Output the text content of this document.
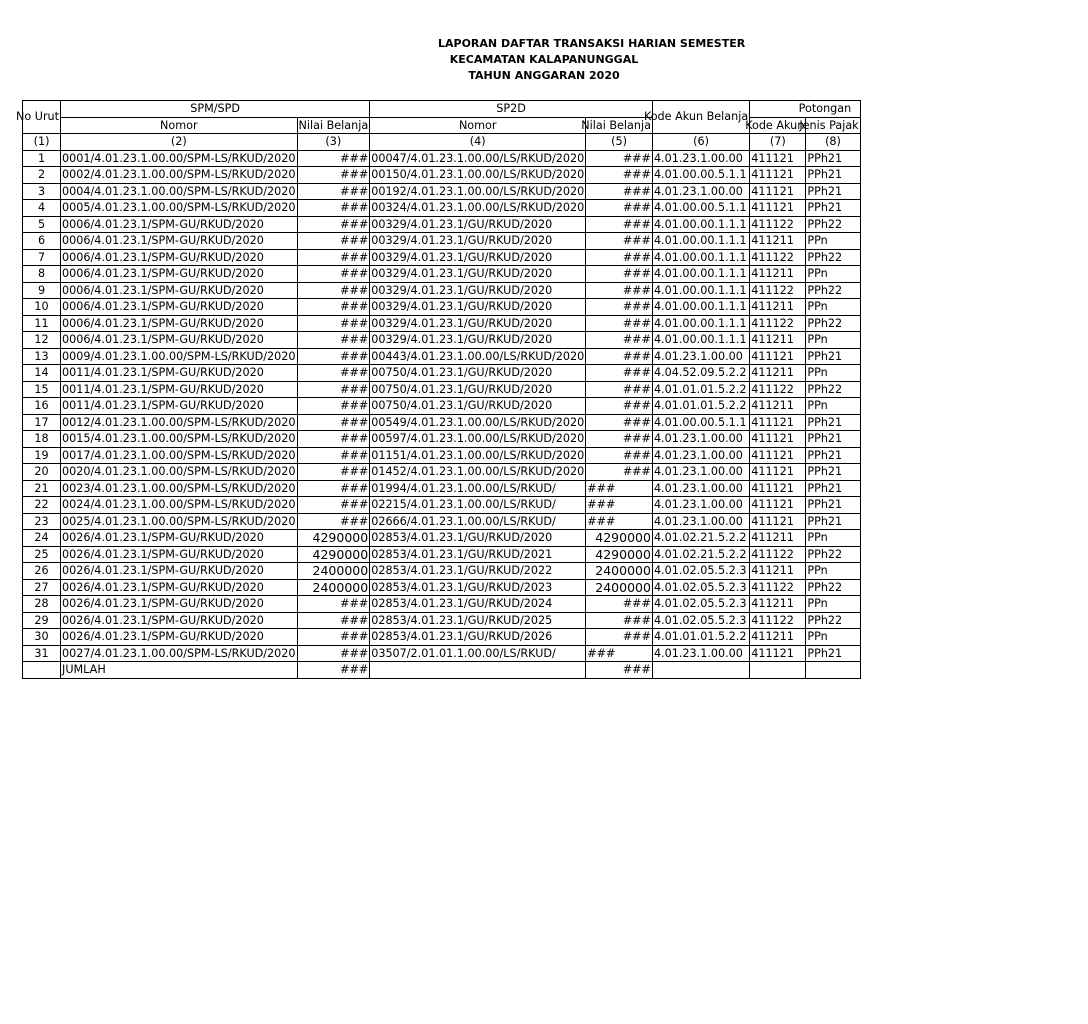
LAPORAN DAFTAR TRANSAKSI HARIAN SEMESTER
KECAMATAN KALAPANUNGGAL
TAHUN ANGGARAN 2020
No Urut	SPM/SPD		SP2D		Kode Akun Belanja	Potongan	
	Nomor	Nilai Belanja	Nomor	Nilai Belanja		Kode Akun	Jenis Pajak
(1)	(2)	(3)	(4)	(5)	(6)	(7)	(8)
1	0001/4.01.23.1.00.00/SPM-LS/RKUD/2020	###	00047/4.01.23.1.00.00/LS/RKUD/2020	###	4.01.23.1.00.00	411121	PPh21
2	0002/4.01.23.1.00.00/SPM-LS/RKUD/2020	###	00150/4.01.23.1.00.00/LS/RKUD/2020	###	4.01.00.00.5.1.1	411121	PPh21
3	0004/4.01.23.1.00.00/SPM-LS/RKUD/2020	###	00192/4.01.23.1.00.00/LS/RKUD/2020	###	4.01.23.1.00.00	411121	PPh21
4	0005/4.01.23.1.00.00/SPM-LS/RKUD/2020	###	00324/4.01.23.1.00.00/LS/RKUD/2020	###	4.01.00.00.5.1.1	411121	PPh21
5	0006/4.01.23.1/SPM-GU/RKUD/2020	###	00329/4.01.23.1/GU/RKUD/2020	###	4.01.00.00.1.1.1	411122	PPh22
6	0006/4.01.23.1/SPM-GU/RKUD/2020	###	00329/4.01.23.1/GU/RKUD/2020	###	4.01.00.00.1.1.1	411211	PPn
7	0006/4.01.23.1/SPM-GU/RKUD/2020	###	00329/4.01.23.1/GU/RKUD/2020	###	4.01.00.00.1.1.1	411122	PPh22
8	0006/4.01.23.1/SPM-GU/RKUD/2020	###	00329/4.01.23.1/GU/RKUD/2020	###	4.01.00.00.1.1.1	411211	PPn
9	0006/4.01.23.1/SPM-GU/RKUD/2020	###	00329/4.01.23.1/GU/RKUD/2020	###	4.01.00.00.1.1.1	411122	PPh22
10	0006/4.01.23.1/SPM-GU/RKUD/2020	###	00329/4.01.23.1/GU/RKUD/2020	###	4.01.00.00.1.1.1	411211	PPn
11	0006/4.01.23.1/SPM-GU/RKUD/2020	###	00329/4.01.23.1/GU/RKUD/2020	###	4.01.00.00.1.1.1	411122	PPh22
12	0006/4.01.23.1/SPM-GU/RKUD/2020	###	00329/4.01.23.1/GU/RKUD/2020	###	4.01.00.00.1.1.1	411211	PPn
13	0009/4.01.23.1.00.00/SPM-LS/RKUD/2020	###	00443/4.01.23.1.00.00/LS/RKUD/2020	###	4.01.23.1.00.00	411121	PPh21
14	0011/4.01.23.1/SPM-GU/RKUD/2020	###	00750/4.01.23.1/GU/RKUD/2020	###	4.04.52.09.5.2.2	411211	PPn
15	0011/4.01.23.1/SPM-GU/RKUD/2020	###	00750/4.01.23.1/GU/RKUD/2020	###	4.01.01.01.5.2.2	411122	PPh22
16	0011/4.01.23.1/SPM-GU/RKUD/2020	###	00750/4.01.23.1/GU/RKUD/2020	###	4.01.01.01.5.2.2	411211	PPn
17	0012/4.01.23.1.00.00/SPM-LS/RKUD/2020	###	00549/4.01.23.1.00.00/LS/RKUD/2020	###	4.01.00.00.5.1.1	411121	PPh21
18	0015/4.01.23.1.00.00/SPM-LS/RKUD/2020	###	00597/4.01.23.1.00.00/LS/RKUD/2020	###	4.01.23.1.00.00	411121	PPh21
19	0017/4.01.23.1.00.00/SPM-LS/RKUD/2020	###	01151/4.01.23.1.00.00/LS/RKUD/2020	###	4.01.23.1.00.00	411121	PPh21
20	0020/4.01.23.1.00.00/SPM-LS/RKUD/2020	###	01452/4.01.23.1.00.00/LS/RKUD/2020	###	4.01.23.1.00.00	411121	PPh21
21	0023/4.01.23.1.00.00/SPM-LS/RKUD/2020	###	01994/4.01.23.1.00.00/LS/RKUD/	###	4.01.23.1.00.00	411121	PPh21
22	0024/4.01.23.1.00.00/SPM-LS/RKUD/2020	###	02215/4.01.23.1.00.00/LS/RKUD/	###	4.01.23.1.00.00	411121	PPh21
23	0025/4.01.23.1.00.00/SPM-LS/RKUD/2020	###	02666/4.01.23.1.00.00/LS/RKUD/	###	4.01.23.1.00.00	411121	PPh21
24	0026/4.01.23.1/SPM-GU/RKUD/2020	4290000	02853/4.01.23.1/GU/RKUD/2020	4290000	4.01.02.21.5.2.2	411211	PPn
25	0026/4.01.23.1/SPM-GU/RKUD/2020	4290000	02853/4.01.23.1/GU/RKUD/2021	4290000	4.01.02.21.5.2.2	411122	PPh22
26	0026/4.01.23.1/SPM-GU/RKUD/2020	2400000	02853/4.01.23.1/GU/RKUD/2022	2400000	4.01.02.05.5.2.3	411211	PPn
27	0026/4.01.23.1/SPM-GU/RKUD/2020	2400000	02853/4.01.23.1/GU/RKUD/2023	2400000	4.01.02.05.5.2.3	411122	PPh22
28	0026/4.01.23.1/SPM-GU/RKUD/2020	###	02853/4.01.23.1/GU/RKUD/2024	###	4.01.02.05.5.2.3	411211	PPn
29	0026/4.01.23.1/SPM-GU/RKUD/2020	###	02853/4.01.23.1/GU/RKUD/2025	###	4.01.02.05.5.2.3	411122	PPh22
30	0026/4.01.23.1/SPM-GU/RKUD/2020	###	02853/4.01.23.1/GU/RKUD/2026	###	4.01.01.01.5.2.2	411211	PPn
31	0027/4.01.23.1.00.00/SPM-LS/RKUD/2020	###	03507/2.01.01.1.00.00/LS/RKUD/	###	4.01.23.1.00.00	411121	PPh21
	JUMLAH	###		###			
